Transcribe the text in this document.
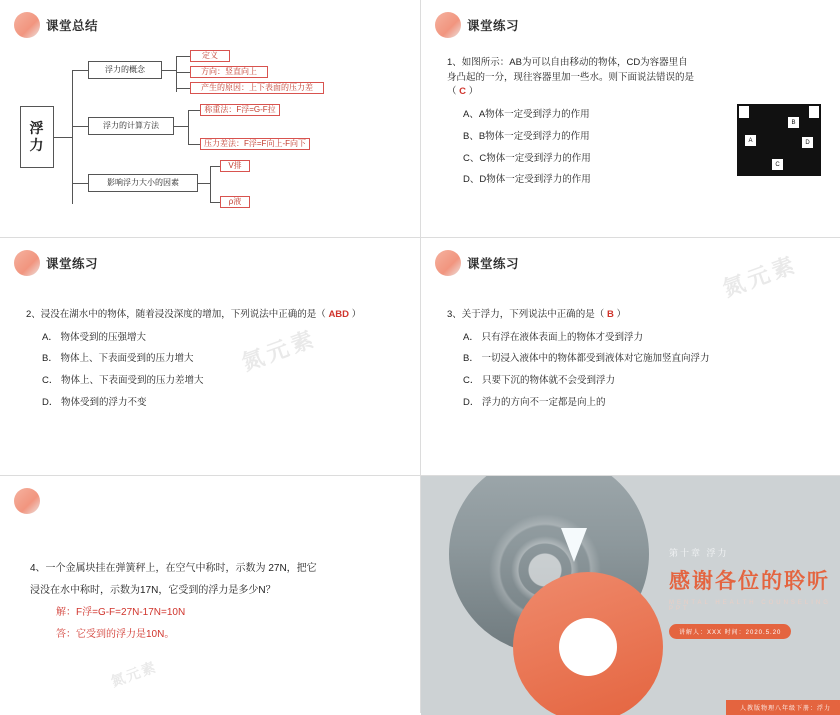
课堂总结
浮
力
浮力的概念
定义
方向：竖直向上
产生的原因：上下表面的压力差
浮力的计算方法
称重法：F浮=G-F拉
压力差法：F浮=F向上-F向下
影响浮力大小的因素
V排
ρ液
课堂练习
1、如图所示：AB为可以自由移动的物体，CD为容器里自身凸起的一分，现往容器里加一些水。则下面说法错误的是（ C ）
A、A物体一定受到浮力的作用
B、B物体一定受到浮力的作用
C、C物体一定受到浮力的作用
D、D物体一定受到浮力的作用
A
B
C
D
课堂练习
2、浸没在湖水中的物体，随着浸没深度的增加，下列说法中正确的是（ ABD ）
A． 物体受到的压强增大
B． 物体上、下表面受到的压力增大
C． 物体上、下表面受到的压力差增大
D． 物体受到的浮力不变
氮元素
课堂练习
3、关于浮力，下列说法中正确的是（ B ）
A． 只有浮在液体表面上的物体才受到浮力
B． 一切浸入液体中的物体都受到液体对它施加竖直向浮力
C． 只要下沉的物体就不会受到浮力
D． 浮力的方向不一定都是向上的
氮元素
4、一个金属块挂在弹簧秤上，在空气中称时，示数为 27N，把它
浸没在水中称时，示数为17N，它受到的浮力是多少N？
解：F浮=G-F=27N-17N=10N
答：它受到的浮力是10N。
氮元素
第十章 浮力
感谢各位的聆听
MENTAL HEALTH COUNSELING PPT
讲解人：XXX 时间：2020.5.20
人教版物理八年级下册：浮力
